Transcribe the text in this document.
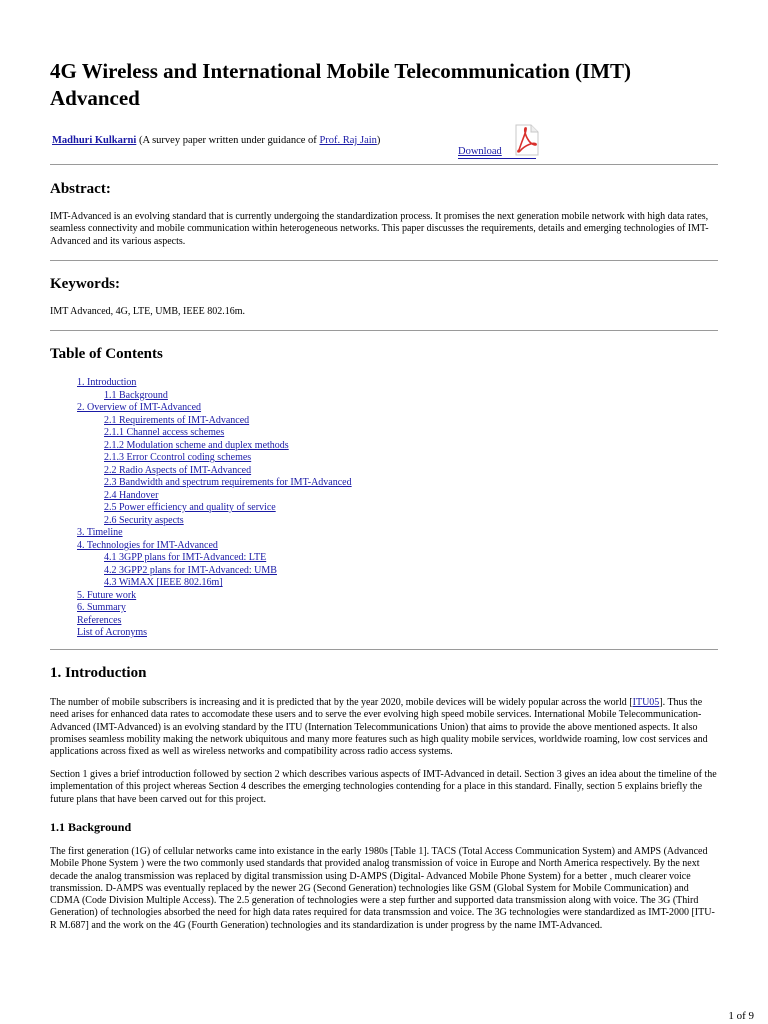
4G Wireless and International Mobile Telecommunication (IMT) Advanced
Madhuri Kulkarni (A survey paper written under guidance of Prof. Raj Jain)
Download
Abstract:

IMT-Advanced is an evolving standard that is currently undergoing the standardization process. It promises the next generation mobile network with high data rates, seamless connectivity and mobile communication within heterogeneous networks. This paper discusses the requirements, details and emerging technologies of IMT-Advanced and its various aspects.

Keywords:

IMT Advanced, 4G, LTE, UMB, IEEE 802.16m.

Table of Contents
1. Introduction
1.1 Background
2. Overview of IMT-Advanced
2.1 Requirements of IMT-Advanced
2.1.1 Channel access schemes
2.1.2 Modulation scheme and duplex methods
2.1.3 Error Ccontrol coding schemes
2.2 Radio Aspects of IMT-Advanced
2.3 Bandwidth and spectrum requirements for IMT-Advanced
2.4 Handover
2.5 Power efficiency and quality of service
2.6 Security aspects
3. Timeline
4. Technologies for IMT-Advanced
4.1 3GPP plans for IMT-Advanced: LTE
4.2 3GPP2 plans for IMT-Advanced: UMB
4.3 WiMAX [IEEE 802.16m]
5. Future work
6. Summary
References
List of Acronyms
1. Introduction

The number of mobile subscribers is increasing and it is predicted that by the year 2020, mobile devices will be widely popular across the world [ITU05]. Thus the need arises for enhanced data rates to accomodate these users and to serve the ever evolving high speed mobile services. International Mobile Telecommunication-Advanced (IMT-Advanced) is an evolving standard by the ITU (Internation Telecommunications Union) that aims to provide the above mentioned aspects. It also promises seamless mobility making the network ubiquitous and many more features such as high quality mobile services, worldwide roaming, low cost services and applications across fixed as well as wireless networks and compatibility across radio access systems.

Section 1 gives a brief introduction followed by section 2 which describes various aspects of IMT-Advanced in detail. Section 3 gives an idea about the timeline of the implementation of this project whereas Section 4 describes the emerging technologies contending for a place in this standard. Finally, section 5 explains briefly the future plans that have been carved out for this project.

1.1 Background

The first generation (1G) of cellular networks came into existance in the early 1980s [Table 1]. TACS (Total Access Communication System) and AMPS (Advanced Mobile Phone System ) were the two commonly used standards that provided analog transmission of voice in Europe and North America respectively. By the next decade the analog transmission was replaced by digital transmission using D-AMPS (Digital- Advanced Mobile Phone System) for a better , much clearer voice transmission. D-AMPS was eventually replaced by the newer 2G (Second Generation) technologies like GSM (Global System for Mobile Communication) and CDMA (Code Division Multiple Access). The 2.5 generation of technologies were a step further and supported data transmission along with voice. The 3G (Third Generation) of technologies absorbed the need for high data rates required for data transmssion and voice. The 3G technologies were standardized as IMT-2000 [ITU-R M.687] and the work on the 4G (Fourth Generation) technologies and its standardization is under progress by the name IMT-Advanced.

1 of 9
